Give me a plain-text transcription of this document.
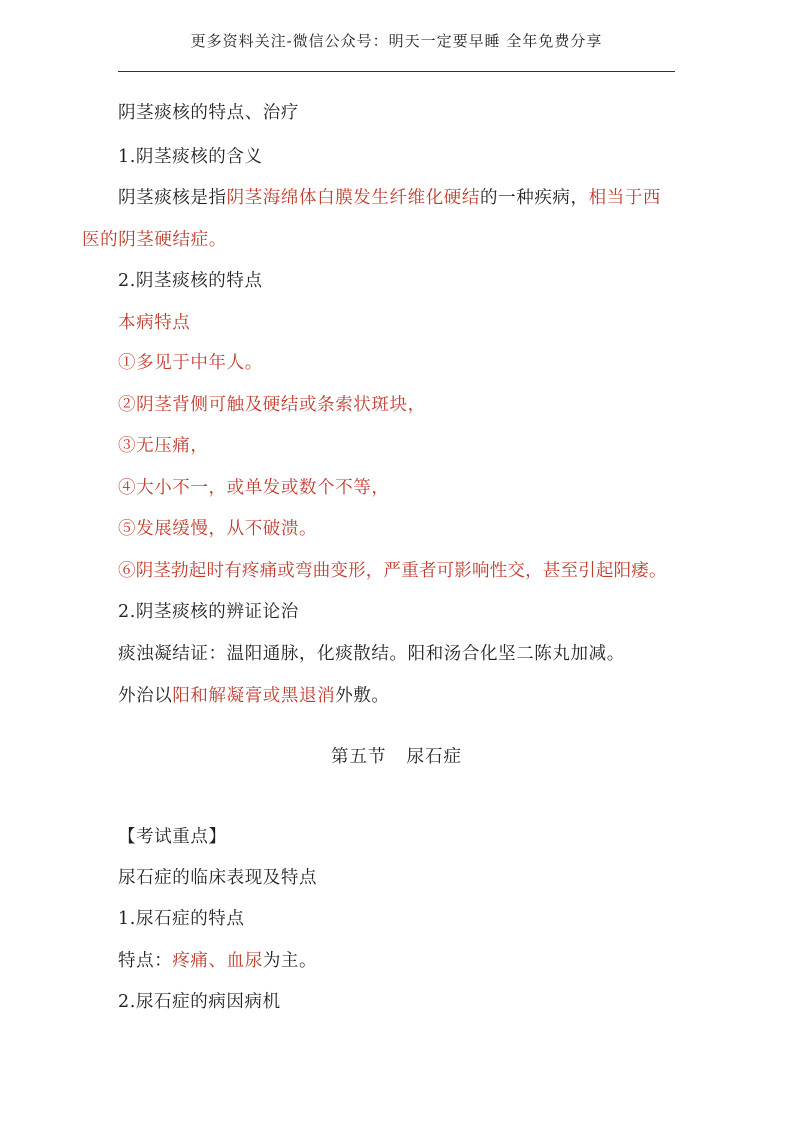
更多资料关注-微信公众号：明天一定要早睡 全年免费分享
阴茎痰核的特点、治疗
1.阴茎痰核的含义
阴茎痰核是指阴茎海绵体白膜发生纤维化硬结的一种疾病，相当于西
医的阴茎硬结症。
2.阴茎痰核的特点
本病特点
①多见于中年人。
②阴茎背侧可触及硬结或条索状斑块，
③无压痛，
④大小不一，或单发或数个不等，
⑤发展缓慢，从不破溃。
⑥阴茎勃起时有疼痛或弯曲变形，严重者可影响性交，甚至引起阳痿。
2.阴茎痰核的辨证论治
痰浊凝结证：温阳通脉，化痰散结。阳和汤合化坚二陈丸加减。
外治以阳和解凝膏或黑退消外敷。
第五节 尿石症
【考试重点】
尿石症的临床表现及特点
1.尿石症的特点
特点：疼痛、血尿为主。
2.尿石症的病因病机
